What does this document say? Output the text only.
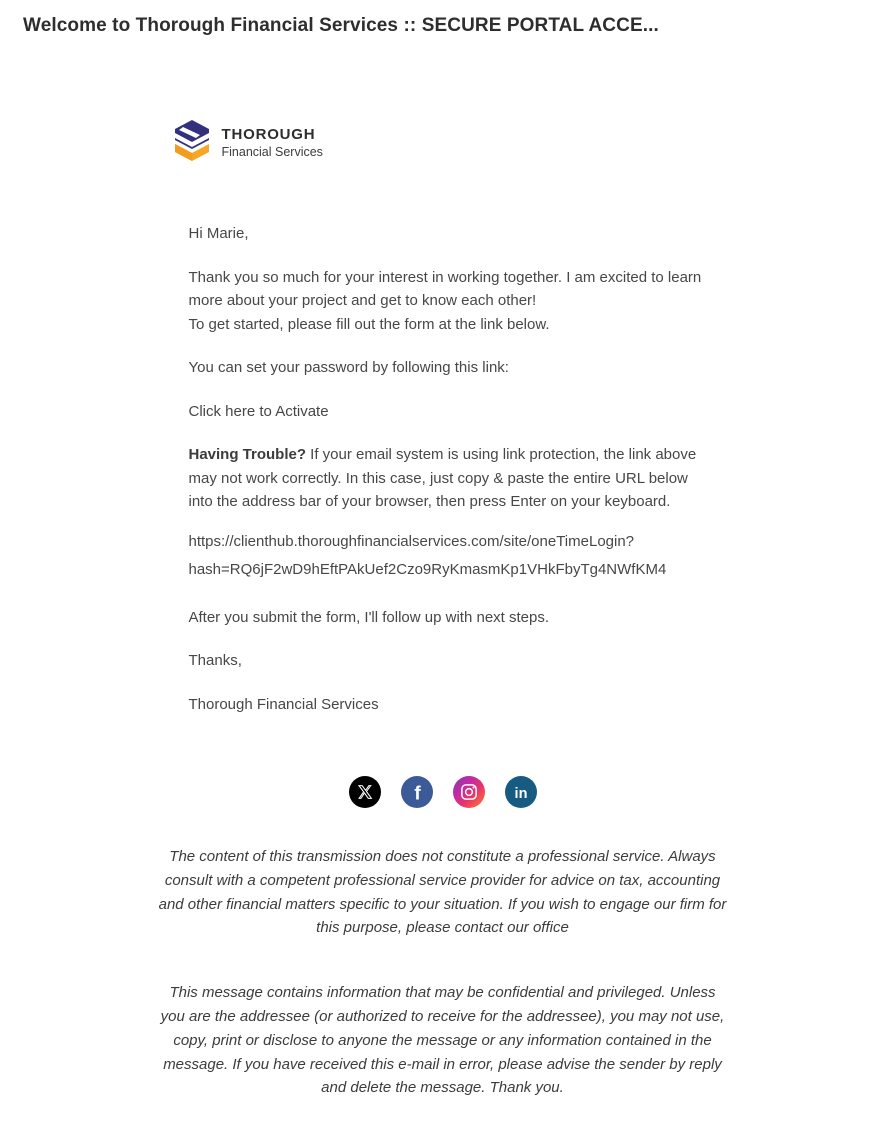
Welcome to Thorough Financial Services :: SECURE PORTAL ACCE...
THOROUGH
Financial Services

Hi Marie,

Thank you so much for your interest in working together. I am excited to learn more about your project and get to know each other!
To get started, please fill out the form at the link below.

You can set your password by following this link:

Click here to Activate

Having Trouble? If your email system is using link protection, the link above may not work correctly. In this case, just copy & paste the entire URL below into the address bar of your browser, then press Enter on your keyboard.

https://clienthub.thoroughfinancialservices.com/site/oneTimeLogin?
hash=RQ6jF2wD9hEftPAkUef2Czo9RyKmasmKp1VHkFbyTg4NWfKM4

After you submit the form, I'll follow up with next steps.

Thanks,

Thorough Financial Services

f	in
The content of this transmission does not constitute a professional service. Always consult with a competent professional service provider for advice on tax, accounting and other financial matters specific to your situation. If you wish to engage our firm for this purpose, please contact our office
This message contains information that may be confidential and privileged. Unless you are the addressee (or authorized to receive for the addressee), you may not use, copy, print or disclose to anyone the message or any information contained in the message. If you have received this e-mail in error, please advise the sender by reply and delete the message. Thank you.
